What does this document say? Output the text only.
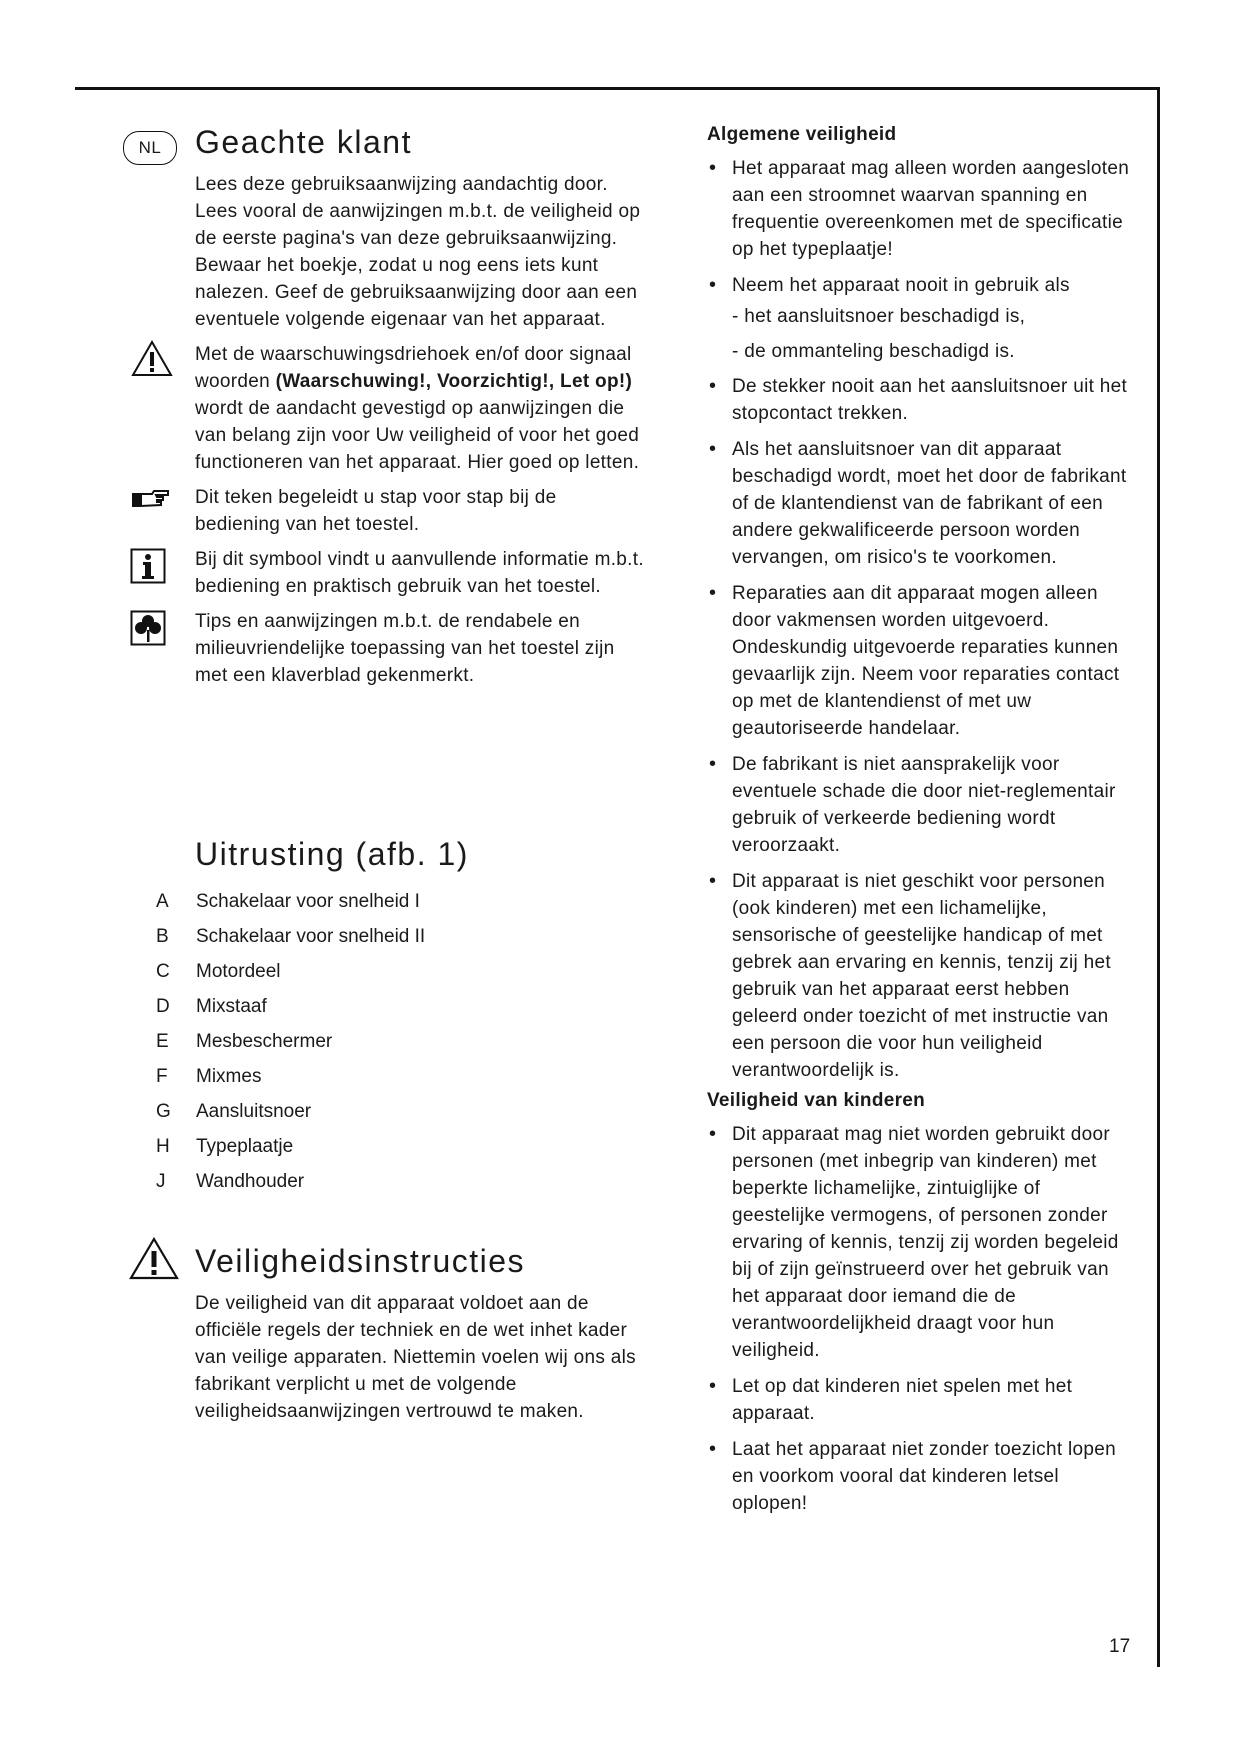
NL	Geachte klant

Lees deze gebruiksaanwijzing aandachtig door. Lees vooral de aanwijzingen m.b.t. de veiligheid op de eerste pagina's van deze gebruiksaanwijzing. Bewaar het boekje, zodat u nog eens iets kunt nalezen. Geef de gebruiksaanwijzing door aan een eventuele volgende eigenaar van het apparaat.

Met de waarschuwingsdriehoek en/of door signaal woorden (Waarschuwing!, Voorzichtig!, Let op!) wordt de aandacht gevestigd op aanwijzingen die van belang zijn voor Uw veiligheid of voor het goed functioneren van het apparaat. Hier goed op letten.

Dit teken begeleidt u stap voor stap bij de bediening van het toestel.

Bij dit symbool vindt u aanvullende informatie m.b.t. bediening en praktisch gebruik van het toestel.

Tips en aanwijzingen m.b.t. de rendabele en milieuvriendelijke toepassing van het toestel zijn met een klaverblad gekenmerkt.

Uitrusting (afb. 1)
A	Schakelaar voor snelheid I
B	Schakelaar voor snelheid II
C	Motordeel
D	Mixstaaf
E	Mesbeschermer
F	Mixmes
G	Aansluitsnoer
H	Typeplaatje
J	Wandhouder
Veiligheidsinstructies

De veiligheid van dit apparaat voldoet aan de officiële regels der techniek en de wet inhet kader van veilige apparaten. Niettemin voelen wij ons als fabrikant verplicht u met de volgende veiligheidsaanwijzingen vertrouwd te maken.

Algemene veiligheid

• Het apparaat mag alleen worden aangesloten aan een stroomnet waarvan spanning en frequentie overeenkomen met de specificatie op het typeplaatje!
• Neem het apparaat nooit in gebruik als

- het aansluitsnoer beschadigd is,

- de ommanteling beschadigd is.

• De stekker nooit aan het aansluitsnoer uit het stopcontact trekken.
• Als het aansluitsnoer van dit apparaat beschadigd wordt, moet het door de fabrikant of de klantendienst van de fabrikant of een andere gekwalificeerde persoon worden vervangen, om risico's te voorkomen.
• Reparaties aan dit apparaat mogen alleen door vakmensen worden uitgevoerd. Ondeskundig uitgevoerde reparaties kunnen gevaarlijk zijn. Neem voor reparaties contact op met de klantendienst of met uw geautoriseerde handelaar.
• De fabrikant is niet aansprakelijk voor eventuele schade die door niet-reglementair gebruik of verkeerde bediening wordt veroorzaakt.
• Dit apparaat is niet geschikt voor personen (ook kinderen) met een lichamelijke, sensorische of geestelijke handicap of met gebrek aan ervaring en kennis, tenzij zij het gebruik van het apparaat eerst hebben geleerd onder toezicht of met instructie van een persoon die voor hun veiligheid verantwoordelijk is.

Veiligheid van kinderen

• Dit apparaat mag niet worden gebruikt door personen (met inbegrip van kinderen) met beperkte lichamelijke, zintuiglijke of geestelijke vermogens, of personen zonder ervaring of kennis, tenzij zij worden begeleid bij of zijn geïnstrueerd over het gebruik van het apparaat door iemand die de verantwoordelijkheid draagt voor hun veiligheid.
• Let op dat kinderen niet spelen met het apparaat.
• Laat het apparaat niet zonder toezicht lopen en voorkom vooral dat kinderen letsel oplopen!
17
